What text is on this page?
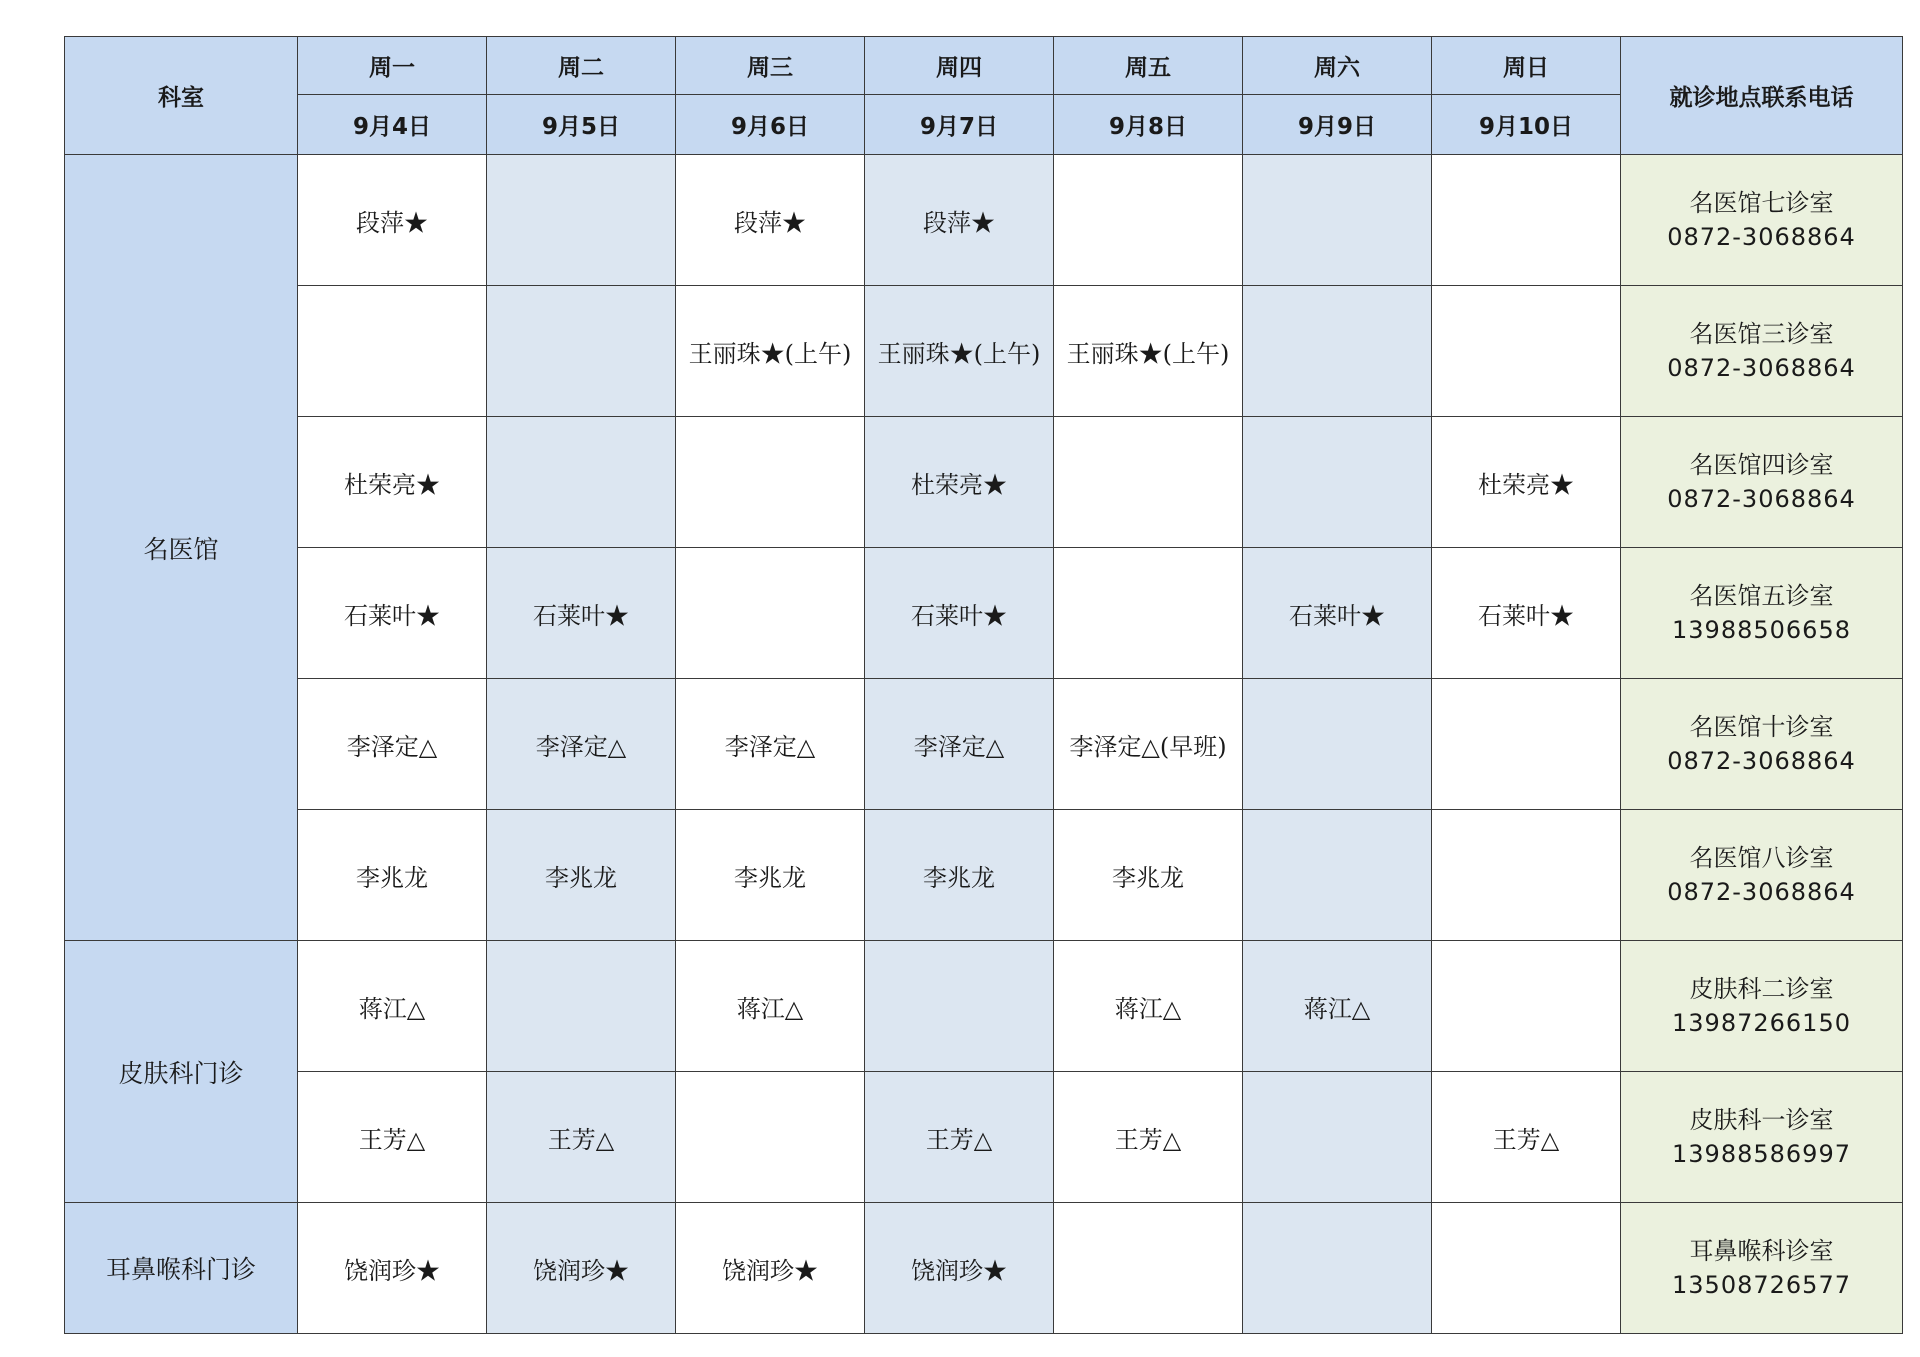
科室	周一	周二	周三	周四	周五	周六	周日	就诊地点联系电话
	9月4日	9月5日	9月6日	9月7日	9月8日	9月9日	9月10日	
名医馆	段萍★		段萍★	段萍★				名医馆七诊室
0872-3068864

			王丽珠★(上午)	王丽珠★(上午)	王丽珠★(上午)			名医馆三诊室
0872-3068864

	杜荣亮★			杜荣亮★			杜荣亮★	名医馆四诊室
0872-3068864

	石莱叶★	石莱叶★		石莱叶★		石莱叶★	石莱叶★	名医馆五诊室
13988506658

	李泽定△	李泽定△	李泽定△	李泽定△	李泽定△(早班)			名医馆十诊室
0872-3068864

	李兆龙	李兆龙	李兆龙	李兆龙	李兆龙			名医馆八诊室
0872-3068864

皮肤科门诊	蒋江△		蒋江△		蒋江△	蒋江△		皮肤科二诊室
13987266150

	王芳△	王芳△		王芳△	王芳△		王芳△	皮肤科一诊室
13988586997

耳鼻喉科门诊	饶润珍★	饶润珍★	饶润珍★	饶润珍★				耳鼻喉科诊室
13508726577
